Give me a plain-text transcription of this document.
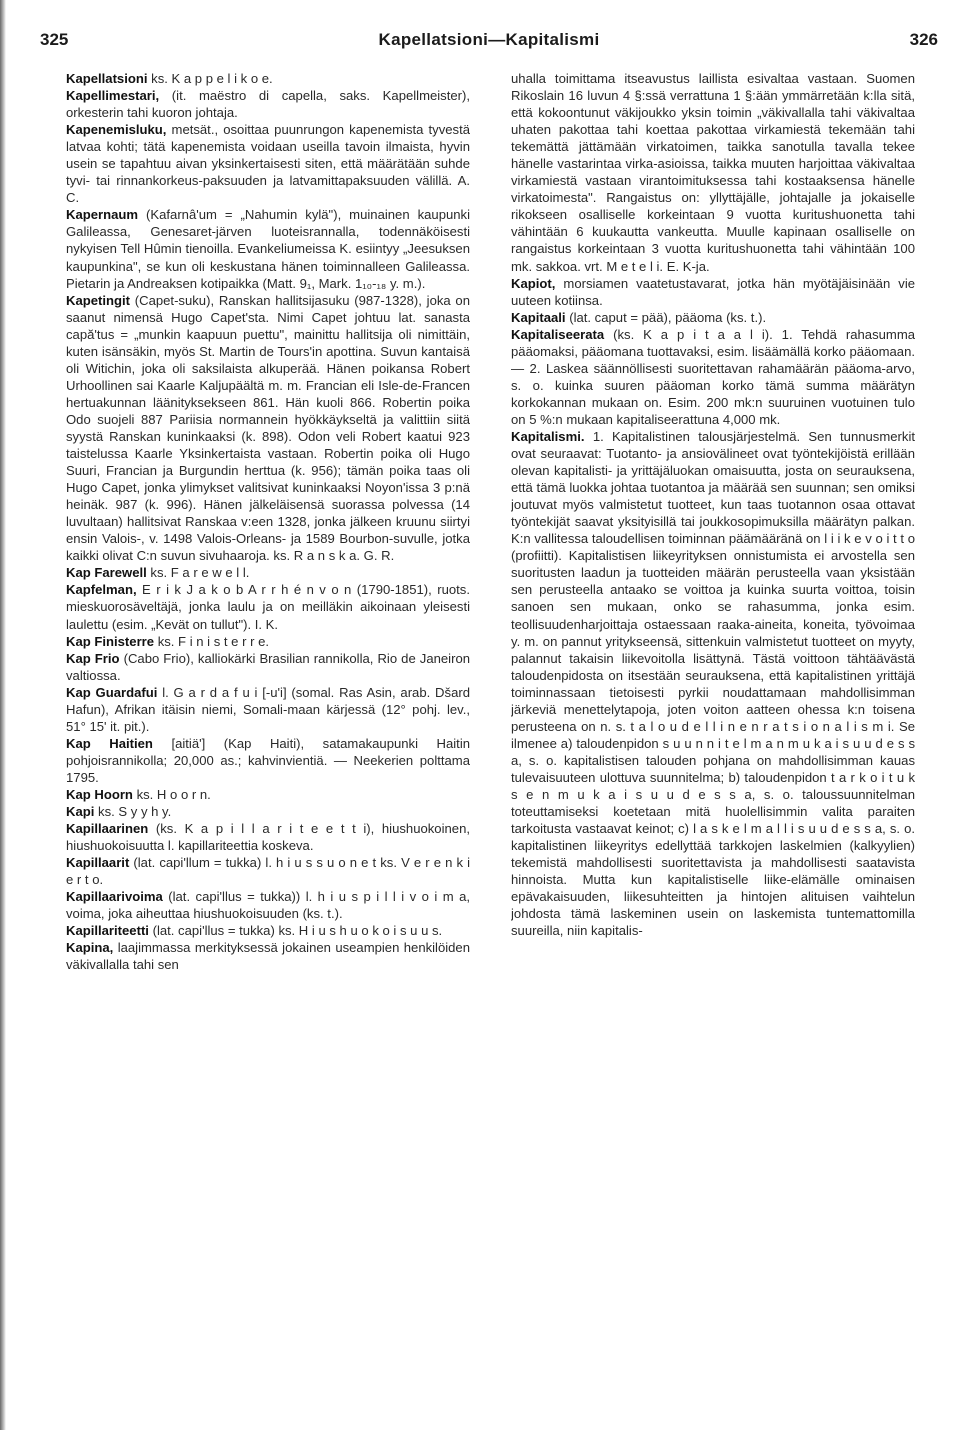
Kapellatsioni—Kapitalismi
325	326

Kapellatsioni ks. K a p p e l i k o e.

Kapellimestari, (it. maëstro di capella, saks. Kapellmeister), orkesterin tahi kuoron johtaja.

Kapenemisluku, metsät., osoittaa puunrungon kapenemista tyvestä latvaa kohti; tätä kapenemista voidaan useilla tavoin ilmaista, hyvin usein se tapahtuu aivan yksinkertaisesti siten, että määrätään suhde tyvi- tai rinnankorkeus-paksuuden ja latvamittapaksuuden välillä. A. C.

Kapernaum (Kafarnâ'um = „Nahumin kylä"), muinainen kaupunki Galileassa, Genesaret-järven luoteisrannalla, todennäköisesti nykyisen Tell Hûmin tienoilla. Evankeliumeissa K. esiintyy „Jeesuksen kaupunkina", se kun oli keskustana hänen toiminnalleen Galileassa. Pietarin ja Andreaksen kotipaikka (Matt. 9₁, Mark. 1₁₀-₁₈ y. m.).

Kapetingit (Capet-suku), Ranskan hallitsijasuku (987-1328), joka on saanut nimensä Hugo Capet'sta. Nimi Capet johtuu lat. sanasta capă'tus = „munkin kaapuun puettu", mainittu hallitsija oli nimittäin, kuten isänsäkin, myös St. Martin de Tours'in apottina. Suvun kantaisä oli Witichin, joka oli saksilaista alkuperää. Hänen poikansa Robert Urhoollinen sai Kaarle Kaljupäältä m. m. Francian eli Isle-de-Francen hertuakunnan läänityksekseen 861. Hän kuoli 866. Robertin poika Odo suojeli 887 Pariisia normannein hyökkäykseltä ja valittiin siitä syystä Ranskan kuninkaaksi (k. 898). Odon veli Robert kaatui 923 taistelussa Kaarle Yksinkertaista vastaan. Robertin poika oli Hugo Suuri, Francian ja Burgundin herttua (k. 956); tämän poika taas oli Hugo Capet, jonka ylimykset valitsivat kuninkaaksi Noyon'issa 3 p:nä heinäk. 987 (k. 996). Hänen jälkeläisensä suorassa polvessa (14 luvultaan) hallitsivat Ranskaa v:een 1328, jonka jälkeen kruunu siirtyi ensin Valois-, v. 1498 Valois-Orleans- ja 1589 Bourbon-suvulle, jotka kaikki olivat C:n suvun sivuhaaroja. ks. R a n s k a. G. R.

Kap Farewell ks. F a r e w e l l.

Kapfelman, E r i k J a k o b A r r h é n v o n (1790-1851), ruots. mieskuorosäveltäjä, jonka laulu ja on meilläkin aikoinaan yleisesti laulettu (esim. „Kevät on tullut"). I. K.

Kap Finisterre ks. F i n i s t e r r e.

Kap Frio (Cabo Frio), kalliokärki Brasilian rannikolla, Rio de Janeiron valtiossa.

Kap Guardafui l. G a r d a f u i [-u'i] (somal. Ras Asin, arab. Dšard Hafun), Afrikan itäisin niemi, Somali-maan kärjessä (12° pohj. lev., 51° 15' it. pit.).

Kap Haitien [aitiä'] (Kap Haiti), satamakaupunki Haitin pohjoisrannikolla; 20,000 as.; kahvinvientiä. — Neekerien polttama 1795.

Kap Hoorn ks. H o o r n.

Kapi ks. S y y h y.

Kapillaarinen (ks. K a p i l l a r i t e e t t i), hiushuokoinen, hiushuokoisuutta l. kapillariteettia koskeva.

Kapillaarit (lat. capi'llum = tukka) l. h i u s s u o n e t ks. V e r e n k i e r t o.

Kapillaarivoima (lat. capi'llus = tukka)) l. h i u s p i l l i v o i m a, voima, joka aiheuttaa hiushuokoisuuden (ks. t.).

Kapillariteetti (lat. capi'llus = tukka) ks. H i u s h u o k o i s u u s.

Kapina, laajimmassa merkityksessä jokainen useampien henkilöiden väkivallalla tahi sen

uhalla toimittama itseavustus laillista esivaltaa vastaan. Suomen Rikoslain 16 luvun 4 §:ssä verrattuna 1 §:ään ymmärretään k:lla sitä, että kokoontunut väkijoukko yksin toimin „väkivallalla tahi väkivaltaa uhaten pakottaa tahi koettaa pakottaa virkamiestä tekemään tahi tekemättä jättämään virkatoimen, taikka sanotulla tavalla tekee hänelle vastarintaa virka-asioissa, taikka muuten harjoittaa väkivaltaa virkamiestä vastaan virantoimituksessa tahi kostaaksensa hänelle virkatoimesta". Rangaistus on: yllyttäjälle, johtajalle ja jokaiselle rikokseen osalliselle korkeintaan 9 vuotta kuritushuonetta tahi vähintään 6 kuukautta vankeutta. Muulle kapinaan osalliselle on rangaistus korkeintaan 3 vuotta kuritushuonetta tahi vähintään 100 mk. sakkoa. vrt. M e t e l i. E. K-ja.

Kapiot, morsiamen vaatetustavarat, jotka hän myötäjäisinään vie uuteen kotiinsa.

Kapitaali (lat. caput = pää), pääoma (ks. t.).

Kapitaliseerata (ks. K a p i t a a l i). 1. Tehdä rahasumma pääomaksi, pääomana tuottavaksi, esim. lisäämällä korko pääomaan. — 2. Laskea säännöllisesti suoritettavan rahamäärän pääoma-arvo, s. o. kuinka suuren pääoman korko tämä summa määrätyn korkokannan mukaan on. Esim. 200 mk:n suuruinen vuotuinen tulo on 5 %:n mukaan kapitaliseerattuna 4,000 mk.

Kapitalismi. 1. Kapitalistinen talousjärjestelmä. Sen tunnusmerkit ovat seuraavat: Tuotanto- ja ansiovälineet ovat työntekijöistä erillään olevan kapitalisti- ja yrittäjäluokan omaisuutta, josta on seurauksena, että tämä luokka johtaa tuotantoa ja määrää sen suunnan; sen omiksi joutuvat myös valmistetut tuotteet, kun taas tuotannon osaa ottavat työntekijät saavat yksityisillä tai joukkosopimuksilla määrätyn palkan. K:n vallitessa taloudellisen toiminnan päämääränä on l i i k e v o i t t o (profiitti). Kapitalistisen liikeyrityksen onnistumista ei arvostella sen suoritusten laadun ja tuotteiden määrän perusteella vaan yksistään sen perusteella antaako se voittoa ja kuinka suurta voittoa, toisin sanoen sen mukaan, onko se rahasumma, jonka esim. teollisuudenharjoittaja ostaessaan raaka-aineita, koneita, työvoimaa y. m. on pannut yritykseensä, sittenkuin valmistetut tuotteet on myyty, palannut takaisin liikevoitolla lisättynä. Tästä voittoon tähtäävästä taloudenpidosta on itsestään seurauksena, että kapitalistinen yrittäjä toiminnassaan tietoisesti pyrkii noudattamaan mahdollisimman järkeviä menettelytapoja, joten voiton aatteen ohessa k:n toisena perusteena on n. s. t a l o u d e l l i n e n r a t s i o n a l i s m i. Se ilmenee a) taloudenpidon s u u n n i t e l m a n m u k a i s u u d e s s a, s. o. kapitalistisen talouden pohjana on mahdollisimman kauas tulevaisuuteen ulottuva suunnitelma; b) taloudenpidon t a r k o i t u k s e n m u k a i s u u d e s s a, s. o. taloussuunnitelman toteuttamiseksi koetetaan mitä huolellisimmin valita paraiten tarkoitusta vastaavat keinot; c) l a s k e l m a l l i s u u d e s s a, s. o. kapitalistinen liikeyritys edellyttää tarkkojen laskelmien (kalkyylien) tekemistä mahdollisesti suoritettavista ja mahdollisesti saatavista hinnoista. Mutta kun kapitalistiselle liike-elämälle ominaisen epävakaisuuden, liikesuhteitten ja hintojen alituisen vaihtelun johdosta tämä laskeminen usein on laskemista tuntemattomilla suureilla, niin kapitalis-
